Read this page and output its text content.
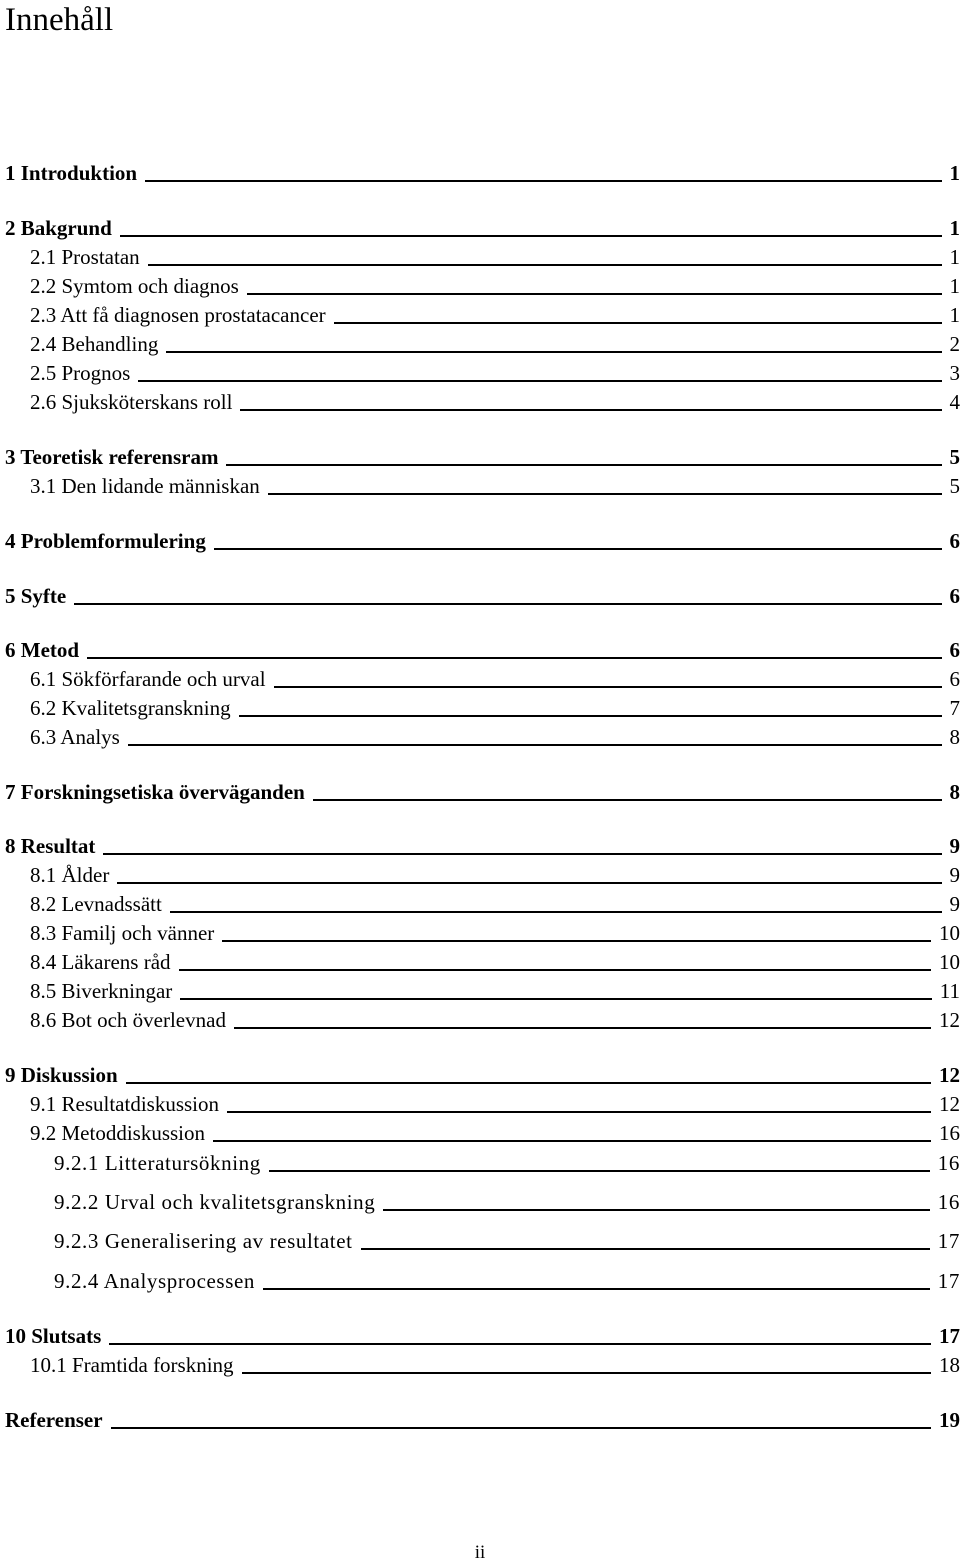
Innehåll
1 Introduktion	1
2 Bakgrund	1
2.1 Prostatan	1
2.2 Symtom och diagnos	1
2.3 Att få diagnosen prostatacancer	1
2.4 Behandling	2
2.5 Prognos	3
2.6 Sjuksköterskans roll	4
3 Teoretisk referensram	5
3.1 Den lidande människan	5
4 Problemformulering	6
5 Syfte	6
6 Metod	6
6.1 Sökförfarande och urval	6
6.2 Kvalitetsgranskning	7
6.3 Analys	8
7 Forskningsetiska överväganden	8
8 Resultat	9
8.1 Ålder	9
8.2 Levnadssätt	9
8.3 Familj och vänner	10
8.4 Läkarens råd	10
8.5 Biverkningar	11
8.6 Bot och överlevnad	12
9 Diskussion	12
9.1 Resultatdiskussion	12
9.2 Metoddiskussion	16
9.2.1 Litteratursökning	16
9.2.2 Urval och kvalitetsgranskning	16
9.2.3 Generalisering av resultatet	17
9.2.4 Analysprocessen	17
10 Slutsats	17
10.1 Framtida forskning	18
Referenser	19
ii
